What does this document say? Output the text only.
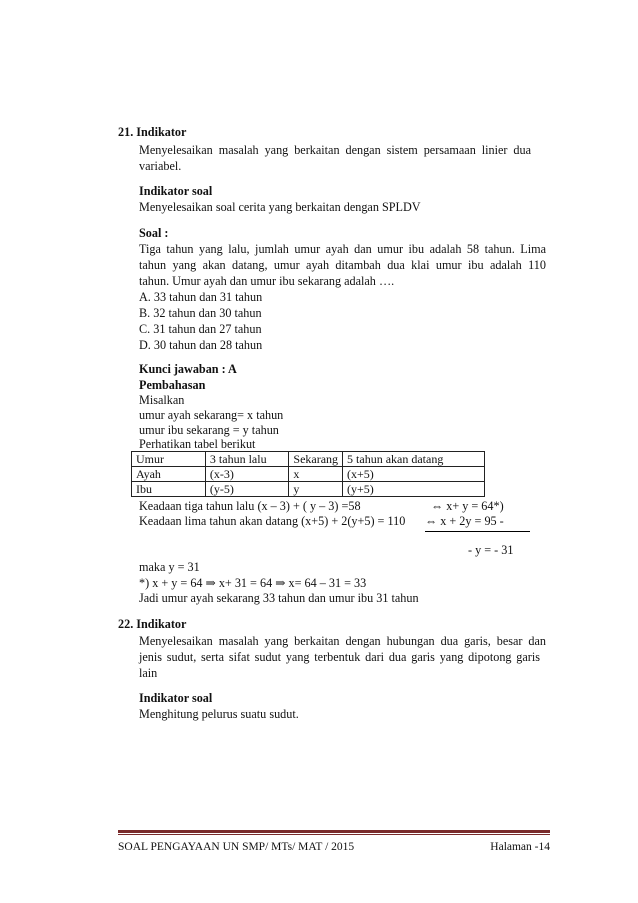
21. Indikator
Menyelesaikan masalah yang berkaitan dengan sistem persamaan linier dua
variabel.
Indikator soal
Menyelesaikan soal cerita yang berkaitan dengan SPLDV
Soal :
Tiga tahun yang lalu, jumlah umur ayah dan umur ibu adalah 58 tahun. Lima
tahun yang akan datang, umur ayah ditambah dua klai umur ibu adalah 110
tahun. Umur ayah dan umur ibu sekarang adalah ….
A. 33 tahun dan 31 tahun
B. 32 tahun dan 30 tahun
C. 31 tahun dan 27 tahun
D. 30 tahun dan 28 tahun
Kunci jawaban : A
Pembahasan
Misalkan
umur ayah sekarang= x tahun
umur ibu sekarang = y tahun
Perhatikan tabel berikut
Umur	3 tahun lalu	Sekarang	5 tahun akan datang
Ayah	(x-3)	x	(x+5)
Ibu	(y-5)	y	(y+5)
Keadaan tiga tahun lalu (x – 3) + ( y – 3) =58	⇔ x+ y = 64*)
Keadaan lima tahun akan datang (x+5) + 2(y+5) = 110 ⇔ x + 2y = 95 -
- y = - 31
maka y = 31
*) x + y = 64 ⇒ x+ 31 = 64 ⇒ x= 64 – 31 = 33
Jadi umur ayah sekarang 33 tahun dan umur ibu 31 tahun
22. Indikator
Menyelesaikan masalah yang berkaitan dengan hubungan dua garis, besar dan
jenis sudut, serta sifat sudut yang terbentuk dari dua garis yang dipotong garis
lain
Indikator soal
Menghitung pelurus suatu sudut.
SOAL PENGAYAAN UN SMP/ MTs/ MAT / 2015	Halaman -14
